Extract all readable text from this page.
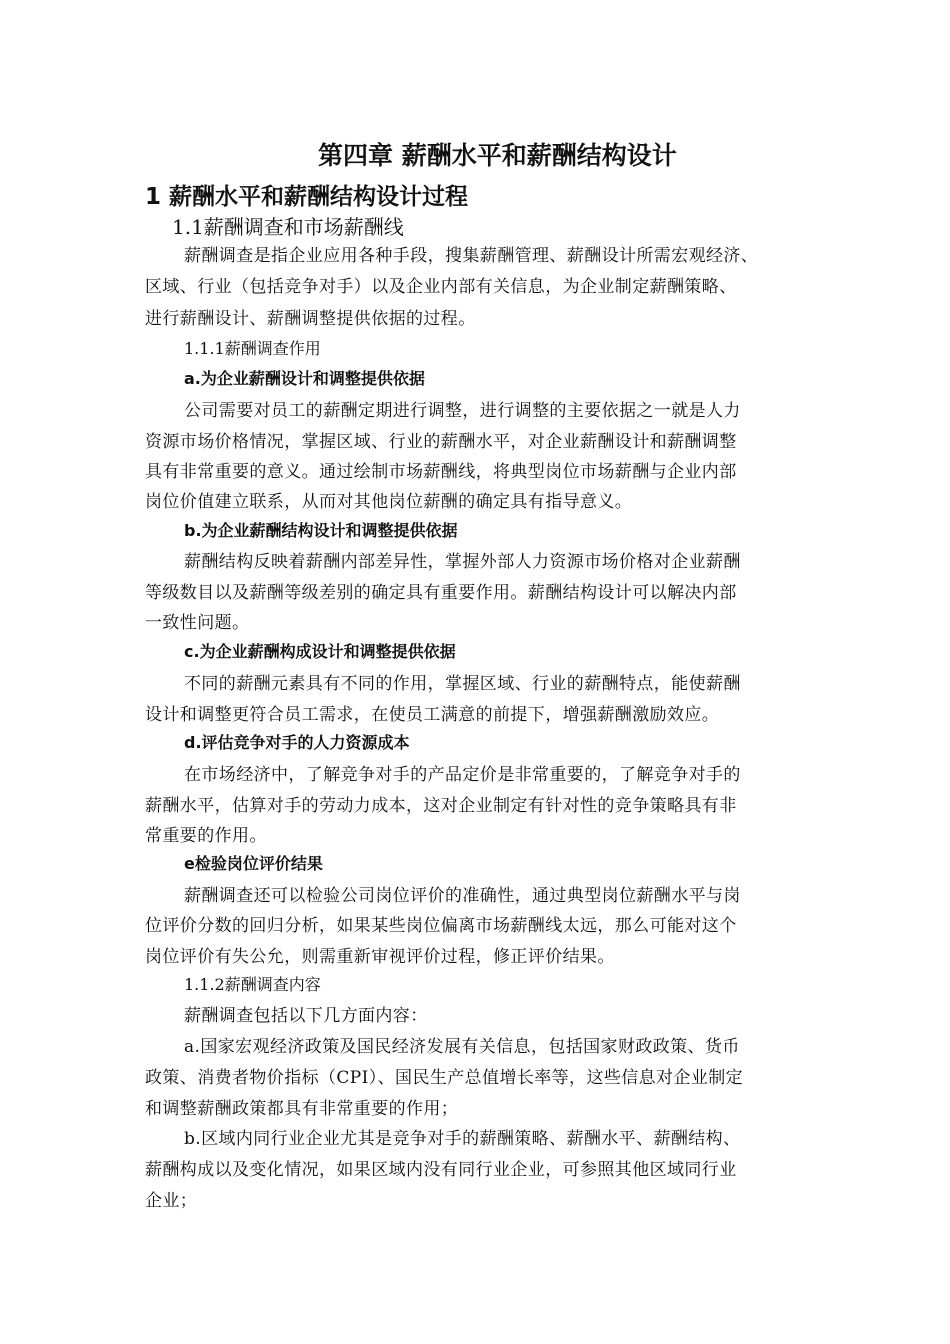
第四章 薪酬水平和薪酬结构设计
1 薪酬水平和薪酬结构设计过程
1.1薪酬调查和市场薪酬线
薪酬调查是指企业应用各种手段，搜集薪酬管理、薪酬设计所需宏观经济、
区域、行业（包括竞争对手）以及企业内部有关信息，为企业制定薪酬策略、
进行薪酬设计、薪酬调整提供依据的过程。
1.1.1薪酬调查作用
a.为企业薪酬设计和调整提供依据
公司需要对员工的薪酬定期进行调整，进行调整的主要依据之一就是人力
资源市场价格情况，掌握区域、行业的薪酬水平，对企业薪酬设计和薪酬调整
具有非常重要的意义。通过绘制市场薪酬线，将典型岗位市场薪酬与企业内部
岗位价值建立联系，从而对其他岗位薪酬的确定具有指导意义。
b.为企业薪酬结构设计和调整提供依据
薪酬结构反映着薪酬内部差异性，掌握外部人力资源市场价格对企业薪酬
等级数目以及薪酬等级差别的确定具有重要作用。薪酬结构设计可以解决内部
一致性问题。
c.为企业薪酬构成设计和调整提供依据
不同的薪酬元素具有不同的作用，掌握区域、行业的薪酬特点，能使薪酬
设计和调整更符合员工需求，在使员工满意的前提下，增强薪酬激励效应。
d.评估竞争对手的人力资源成本
在市场经济中，了解竞争对手的产品定价是非常重要的，了解竞争对手的
薪酬水平，估算对手的劳动力成本，这对企业制定有针对性的竞争策略具有非
常重要的作用。
e检验岗位评价结果
薪酬调查还可以检验公司岗位评价的准确性，通过典型岗位薪酬水平与岗
位评价分数的回归分析，如果某些岗位偏离市场薪酬线太远，那么可能对这个
岗位评价有失公允，则需重新审视评价过程，修正评价结果。
1.1.2薪酬调查内容
薪酬调查包括以下几方面内容：
a.国家宏观经济政策及国民经济发展有关信息，包括国家财政政策、货币
政策、消费者物价指标（CPI）、国民生产总值增长率等，这些信息对企业制定
和调整薪酬政策都具有非常重要的作用；
b.区域内同行业企业尤其是竞争对手的薪酬策略、薪酬水平、薪酬结构、
薪酬构成以及变化情况，如果区域内没有同行业企业，可参照其他区域同行业
企业；
